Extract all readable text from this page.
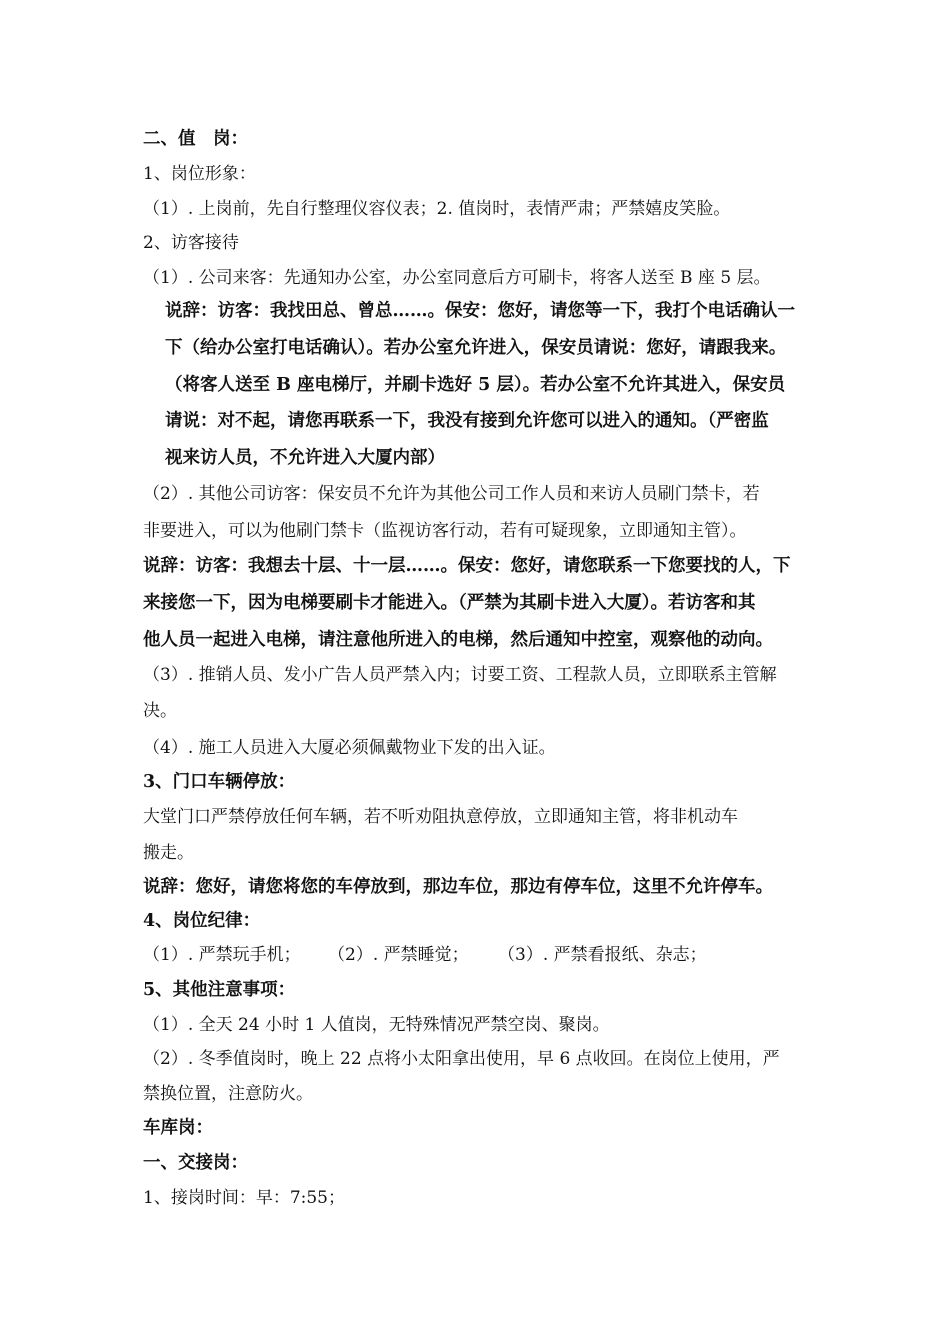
二、值　岗：
1、岗位形象：
（1）. 上岗前，先自行整理仪容仪表；2. 值岗时，表情严肃；严禁嬉皮笑脸。
2、访客接待
（1）. 公司来客：先通知办公室，办公室同意后方可刷卡，将客人送至 B 座 5 层。
说辞：访客：我找田总、曾总……。保安：您好，请您等一下，我打个电话确认一
下（给办公室打电话确认）。若办公室允许进入，保安员请说：您好，请跟我来。
（将客人送至 B 座电梯厅，并刷卡选好 5 层）。若办公室不允许其进入，保安员
请说：对不起，请您再联系一下，我没有接到允许您可以进入的通知。（严密监
视来访人员，不允许进入大厦内部）
（2）. 其他公司访客：保安员不允许为其他公司工作人员和来访人员刷门禁卡，若
非要进入，可以为他刷门禁卡（监视访客行动，若有可疑现象，立即通知主管）。
说辞：访客：我想去十层、十一层……。保安：您好，请您联系一下您要找的人，下
来接您一下，因为电梯要刷卡才能进入。（严禁为其刷卡进入大厦）。若访客和其
他人员一起进入电梯，请注意他所进入的电梯，然后通知中控室，观察他的动向。
（3）. 推销人员、发小广告人员严禁入内；讨要工资、工程款人员，立即联系主管解
决。
（4）. 施工人员进入大厦必须佩戴物业下发的出入证。
3、门口车辆停放：
大堂门口严禁停放任何车辆，若不听劝阻执意停放，立即通知主管，将非机动车
搬走。
说辞：您好，请您将您的车停放到，那边车位，那边有停车位，这里不允许停车。
4、岗位纪律：
（1）. 严禁玩手机； （2）. 严禁睡觉； （3）. 严禁看报纸、杂志；
5、其他注意事项：
（1）. 全天 24 小时 1 人值岗，无特殊情况严禁空岗、聚岗。
（2）. 冬季值岗时，晚上 22 点将小太阳拿出使用，早 6 点收回。在岗位上使用，严
禁换位置，注意防火。
车库岗：
一、交接岗：
1、接岗时间：早：7:55；
